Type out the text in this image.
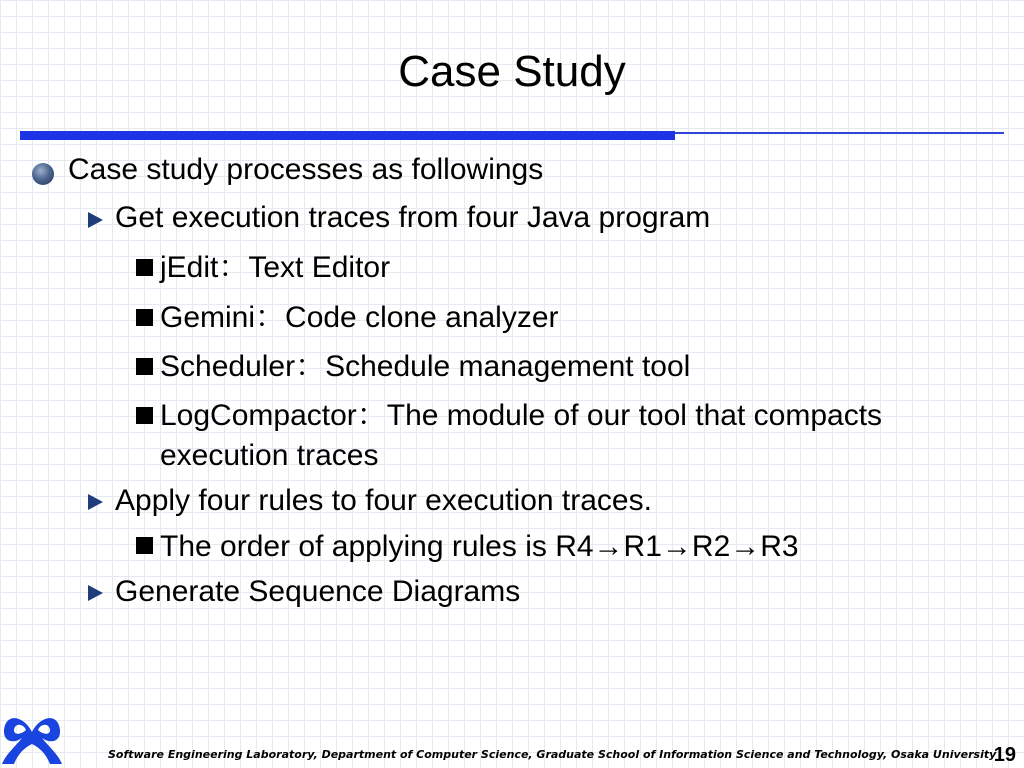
Case Study
Case study processes as followings
Get execution traces from four Java program
jEdit：Text Editor
Gemini：Code clone analyzer
Scheduler：Schedule management tool
LogCompactor：The module of our tool that compacts execution traces
Apply four rules to four execution traces.
The order of applying rules is R4→R1→R2→R3
Generate Sequence Diagrams
Software Engineering Laboratory, Department of Computer Science, Graduate School of Information Science and Technology, Osaka University
19
